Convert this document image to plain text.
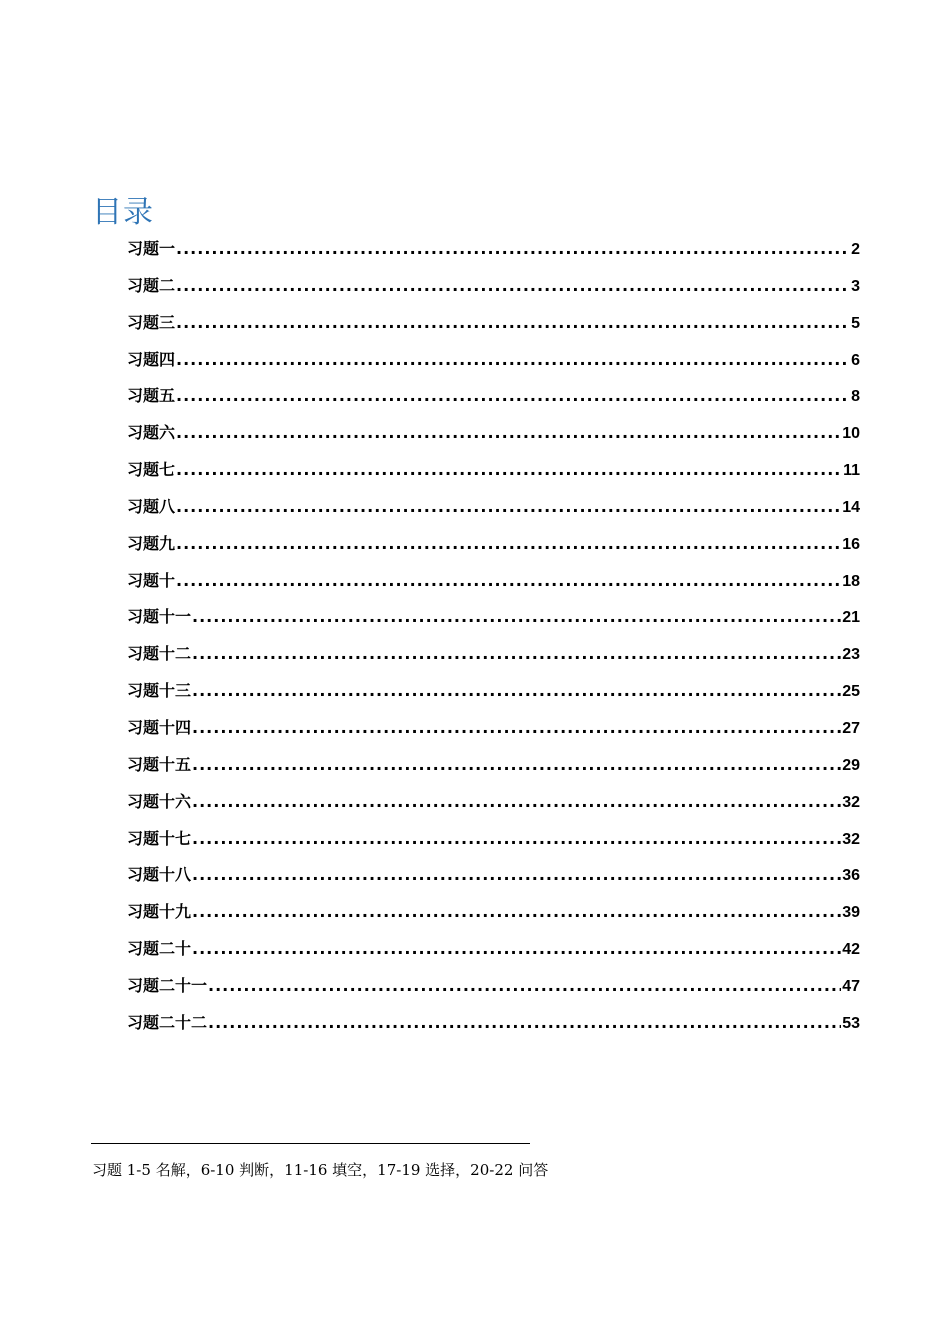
目录
习题一 .....	2
习题二 .....	3
习题三 .....	5
习题四 .....	6
习题五 .....	8
习题六 .....	10
习题七 .....	11
习题八 .....	14
习题九 .....	16
习题十 .....	18
习题十一 .....	21
习题十二 .....	23
习题十三 .....	25
习题十四 .....	27
习题十五 .....	29
习题十六 .....	32
习题十七 .....	32
习题十八 .....	36
习题十九 .....	39
习题二十 .....	42
习题二十一 .....	47
习题二十二 .....	53
习题 1-5 名解，6-10 判断，11-16 填空，17-19 选择，20-22 问答
